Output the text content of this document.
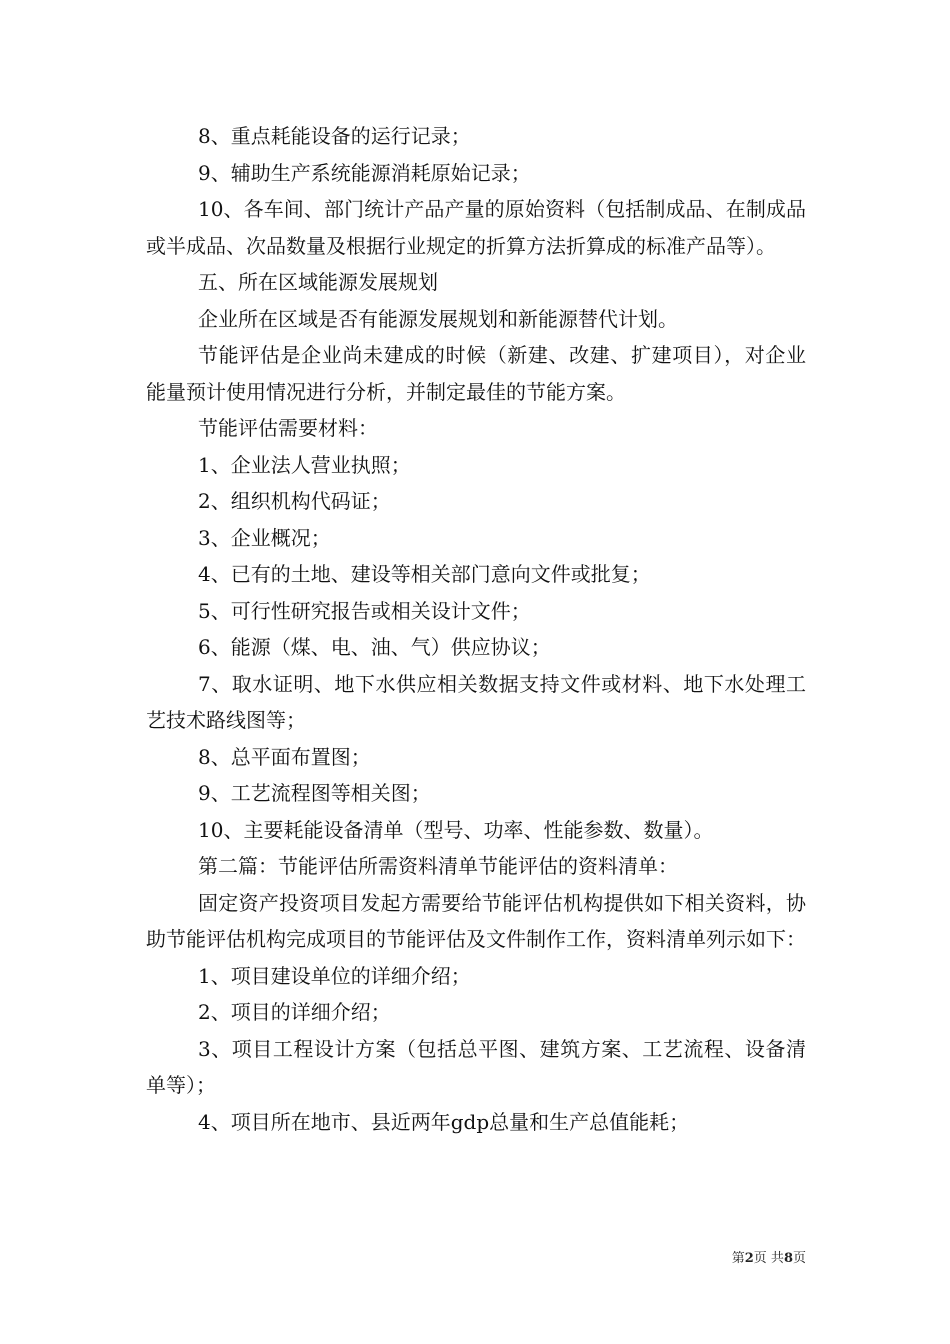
8、重点耗能设备的运行记录；

9、辅助生产系统能源消耗原始记录；

10、各车间、部门统计产品产量的原始资料（包括制成品、在制成品或半成品、次品数量及根据行业规定的折算方法折算成的标准产品等）。

五、所在区域能源发展规划

企业所在区域是否有能源发展规划和新能源替代计划。

节能评估是企业尚未建成的时候（新建、改建、扩建项目），对企业能量预计使用情况进行分析，并制定最佳的节能方案。

节能评估需要材料：

1、企业法人营业执照；

2、组织机构代码证；

3、企业概况；

4、已有的土地、建设等相关部门意向文件或批复；

5、可行性研究报告或相关设计文件；

6、能源（煤、电、油、气）供应协议；

7、取水证明、地下水供应相关数据支持文件或材料、地下水处理工艺技术路线图等；

8、总平面布置图；

9、工艺流程图等相关图；

10、主要耗能设备清单（型号、功率、性能参数、数量）。

第二篇：节能评估所需资料清单节能评估的资料清单：

固定资产投资项目发起方需要给节能评估机构提供如下相关资料，协助节能评估机构完成项目的节能评估及文件制作工作，资料清单列示如下：

1、项目建设单位的详细介绍；

2、项目的详细介绍；

3、项目工程设计方案（包括总平图、建筑方案、工艺流程、设备清单等）；

4、项目所在地市、县近两年gdp总量和生产总值能耗；

第2页 共8页
